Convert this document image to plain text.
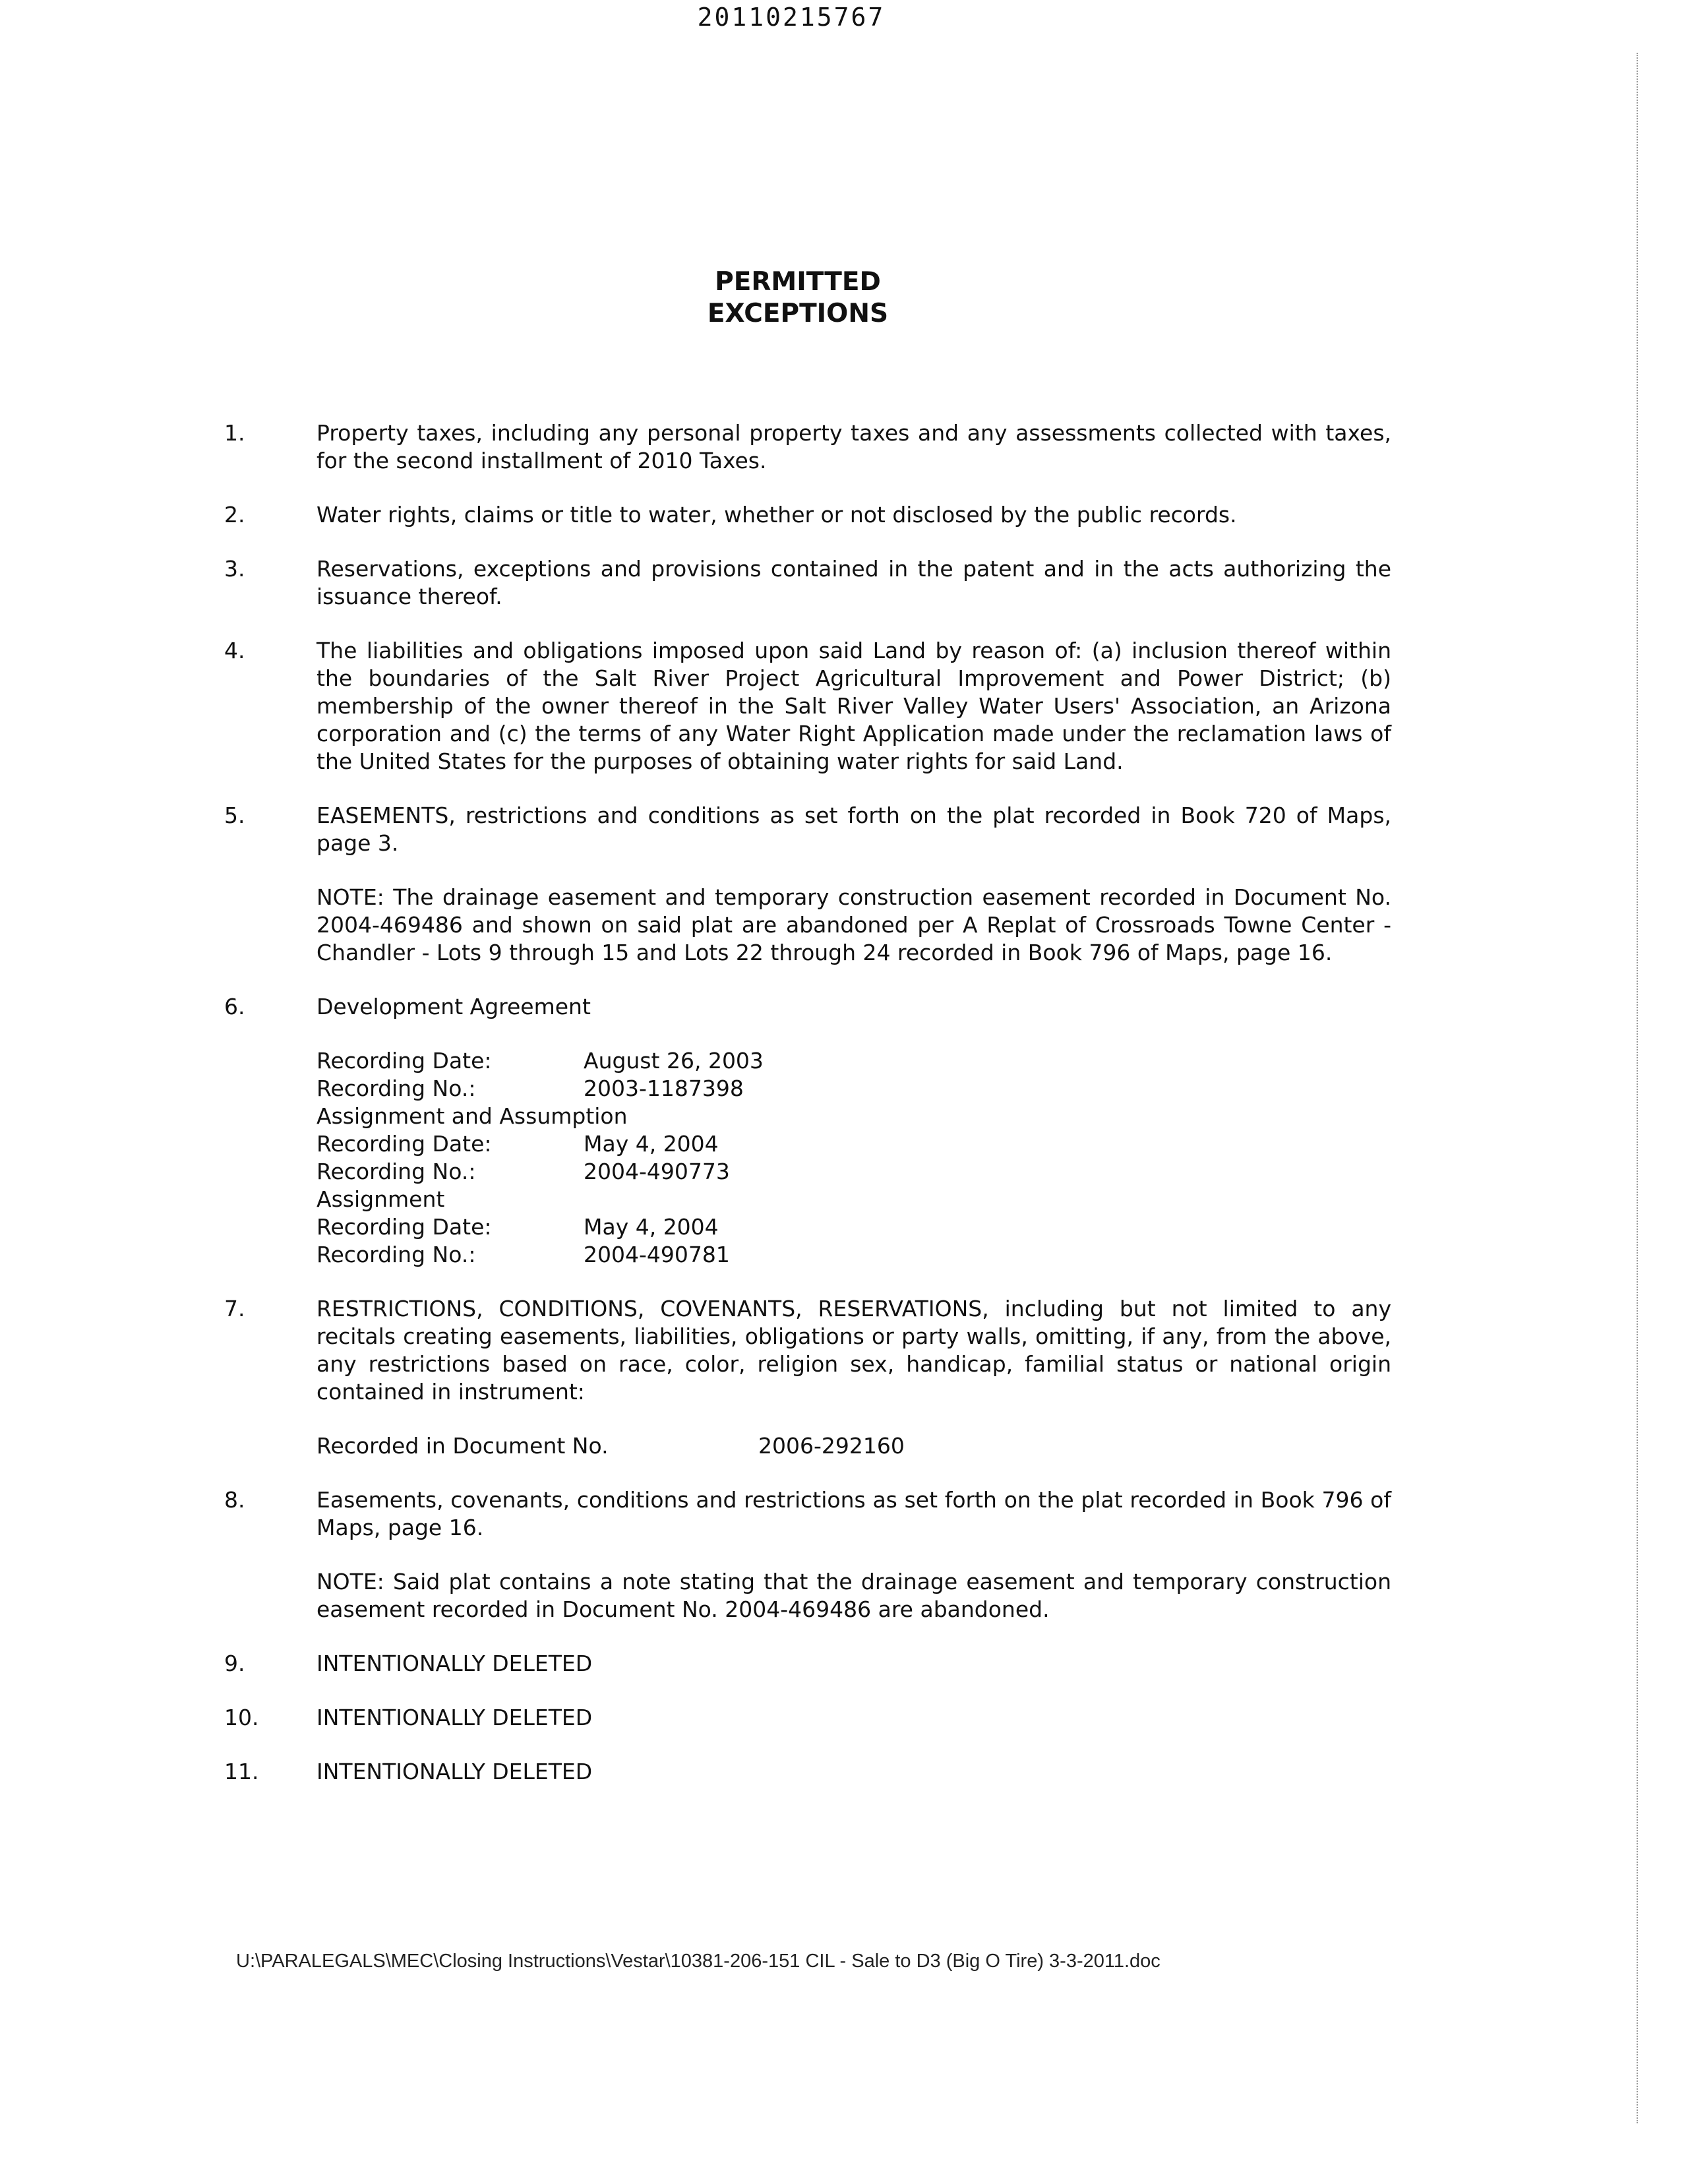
20110215767
PERMITTED
EXCEPTIONS
1.	Property taxes, including any personal property taxes and any assessments collected with taxes, for the second installment of 2010 Taxes.
2.	Water rights, claims or title to water, whether or not disclosed by the public records.
3.	Reservations, exceptions and provisions contained in the patent and in the acts authorizing the issuance thereof.
4.	The liabilities and obligations imposed upon said Land by reason of: (a) inclusion thereof within the boundaries of the Salt River Project Agricultural Improvement and Power District; (b) membership of the owner thereof in the Salt River Valley Water Users' Association, an Arizona corporation and (c) the terms of any Water Right Application made under the reclamation laws of the United States for the purposes of obtaining water rights for said Land.
5.	EASEMENTS, restrictions and conditions as set forth on the plat recorded in Book 720 of Maps, page 3.
NOTE: The drainage easement and temporary construction easement recorded in Document No. 2004-469486 and shown on said plat are abandoned per A Replat of Crossroads Towne Center - Chandler - Lots 9 through 15 and Lots 22 through 24 recorded in Book 796 of Maps, page 16.
6.	Development Agreement
Recording Date:	August 26, 2003
Recording No.:	2003-1187398
Assignment and Assumption
Recording Date:	May 4, 2004
Recording No.:	2004-490773
Assignment
Recording Date:	May 4, 2004
Recording No.:	2004-490781
7.	RESTRICTIONS, CONDITIONS, COVENANTS, RESERVATIONS, including but not limited to any recitals creating easements, liabilities, obligations or party walls, omitting, if any, from the above, any restrictions based on race, color, religion sex, handicap, familial status or national origin contained in instrument:
Recorded in Document No.	2006-292160
8.	Easements, covenants, conditions and restrictions as set forth on the plat recorded in Book 796 of Maps, page 16.
NOTE: Said plat contains a note stating that the drainage easement and temporary construction easement recorded in Document No. 2004-469486 are abandoned.
9.	INTENTIONALLY DELETED
10.	INTENTIONALLY DELETED
11.	INTENTIONALLY DELETED
U:\PARALEGALS\MEC\Closing Instructions\Vestar\10381-206-151 CIL - Sale to D3 (Big O Tire) 3-3-2011.doc
